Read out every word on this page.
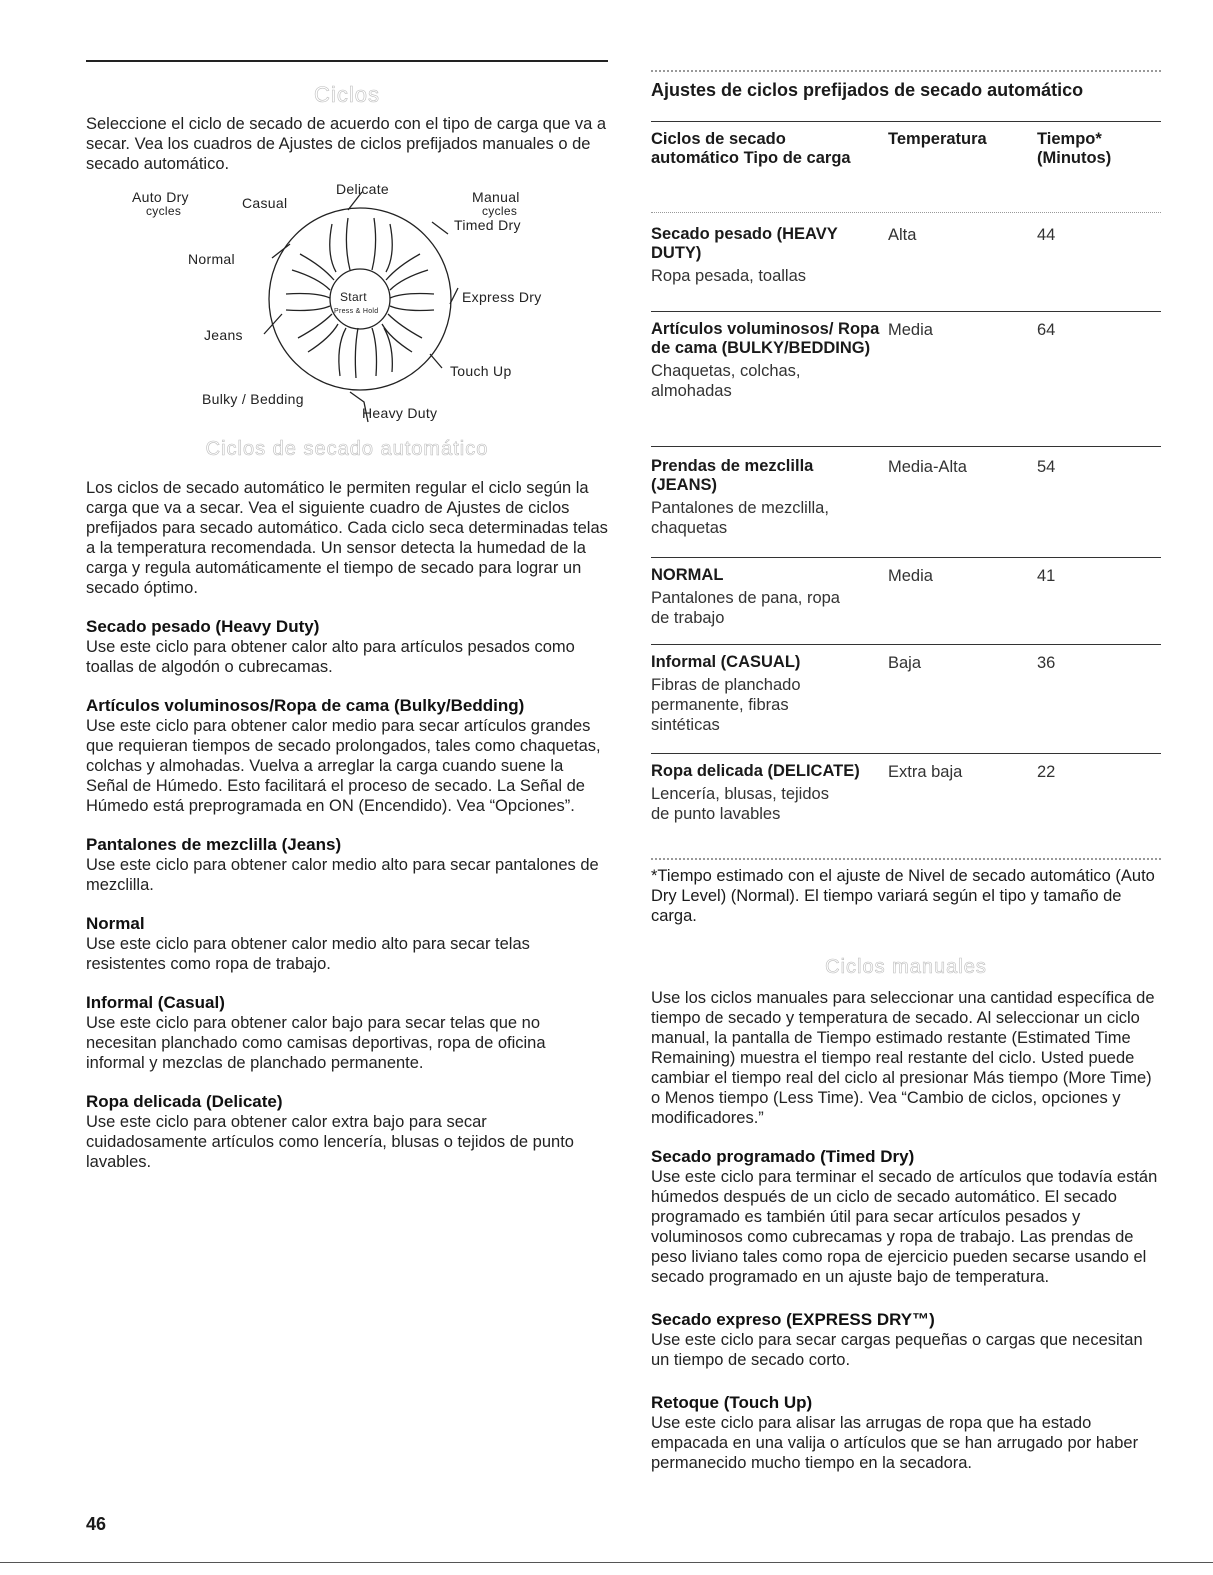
Ciclos

Seleccione el ciclo de secado de acuerdo con el tipo de carga que va a secar. Vea los cuadros de Ajustes de ciclos prefijados manuales o de secado automático.

Auto Dry
cycles	Casual
Delicate	Manual
cycles
Timed Dry
Normal
Express Dry
Jeans
Touch Up
Bulky / Bedding
Heavy Duty
Start
Press & Hold
Ciclos de secado automático

Los ciclos de secado automático le permiten regular el ciclo según la carga que va a secar. Vea el siguiente cuadro de Ajustes de ciclos prefijados para secado automático. Cada ciclo seca determinadas telas a la temperatura recomendada. Un sensor detecta la humedad de la carga y regula automáticamente el tiempo de secado para lograr un secado óptimo.

Secado pesado (Heavy Duty)

Use este ciclo para obtener calor alto para artículos pesados como toallas de algodón o cubrecamas.

Artículos voluminosos/Ropa de cama (Bulky/Bedding)

Use este ciclo para obtener calor medio para secar artículos grandes que requieran tiempos de secado prolongados, tales como chaquetas, colchas y almohadas. Vuelva a arreglar la carga cuando suene la Señal de Húmedo. Esto facilitará el proceso de secado. La Señal de Húmedo está preprogramada en ON (Encendido). Vea “Opciones”.

Pantalones de mezclilla (Jeans)

Use este ciclo para obtener calor medio alto para secar pantalones de mezclilla.

Normal

Use este ciclo para obtener calor medio alto para secar telas resistentes como ropa de trabajo.

Informal (Casual)

Use este ciclo para obtener calor bajo para secar telas que no necesitan planchado como camisas deportivas, ropa de oficina informal y mezclas de planchado permanente.

Ropa delicada (Delicate)

Use este ciclo para obtener calor extra bajo para secar cuidadosamente artículos como lencería, blusas o tejidos de punto lavables.

Ajustes de ciclos prefijados de secado automático
Ciclos de secado automático Tipo de carga
Temperatura	Tiempo* (Minutos)
Secado pesado (HEAVY DUTY)
Ropa pesada, toallas
Alta	44
Artículos voluminosos/ Ropa de cama (BULKY/BEDDING)
Chaquetas, colchas, almohadas
Media	64
Prendas de mezclilla (JEANS)
Pantalones de mezclilla, chaquetas
Media-Alta	54
NORMAL
Pantalones de pana, ropa de trabajo
Media	41
Informal (CASUAL)
Fibras de planchado permanente, fibras sintéticas
Baja	36
Ropa delicada (DELICATE)
Lencería, blusas, tejidos de punto lavables
Extra baja	22

*Tiempo estimado con el ajuste de Nivel de secado automático (Auto Dry Level) (Normal). El tiempo variará según el tipo y tamaño de carga.

Ciclos manuales

Use los ciclos manuales para seleccionar una cantidad específica de tiempo de secado y temperatura de secado. Al seleccionar un ciclo manual, la pantalla de Tiempo estimado restante (Estimated Time Remaining) muestra el tiempo real restante del ciclo. Usted puede cambiar el tiempo real del ciclo al presionar Más tiempo (More Time) o Menos tiempo (Less Time). Vea “Cambio de ciclos, opciones y modificadores.”

Secado programado (Timed Dry)

Use este ciclo para terminar el secado de artículos que todavía están húmedos después de un ciclo de secado automático. El secado programado es también útil para secar artículos pesados y voluminosos como cubrecamas y ropa de trabajo. Las prendas de peso liviano tales como ropa de ejercicio pueden secarse usando el secado programado en un ajuste bajo de temperatura.

Secado expreso (EXPRESS DRY™)

Use este ciclo para secar cargas pequeñas o cargas que necesitan un tiempo de secado corto.

Retoque (Touch Up)

Use este ciclo para alisar las arrugas de ropa que ha estado empacada en una valija o artículos que se han arrugado por haber permanecido mucho tiempo en la secadora.

46
